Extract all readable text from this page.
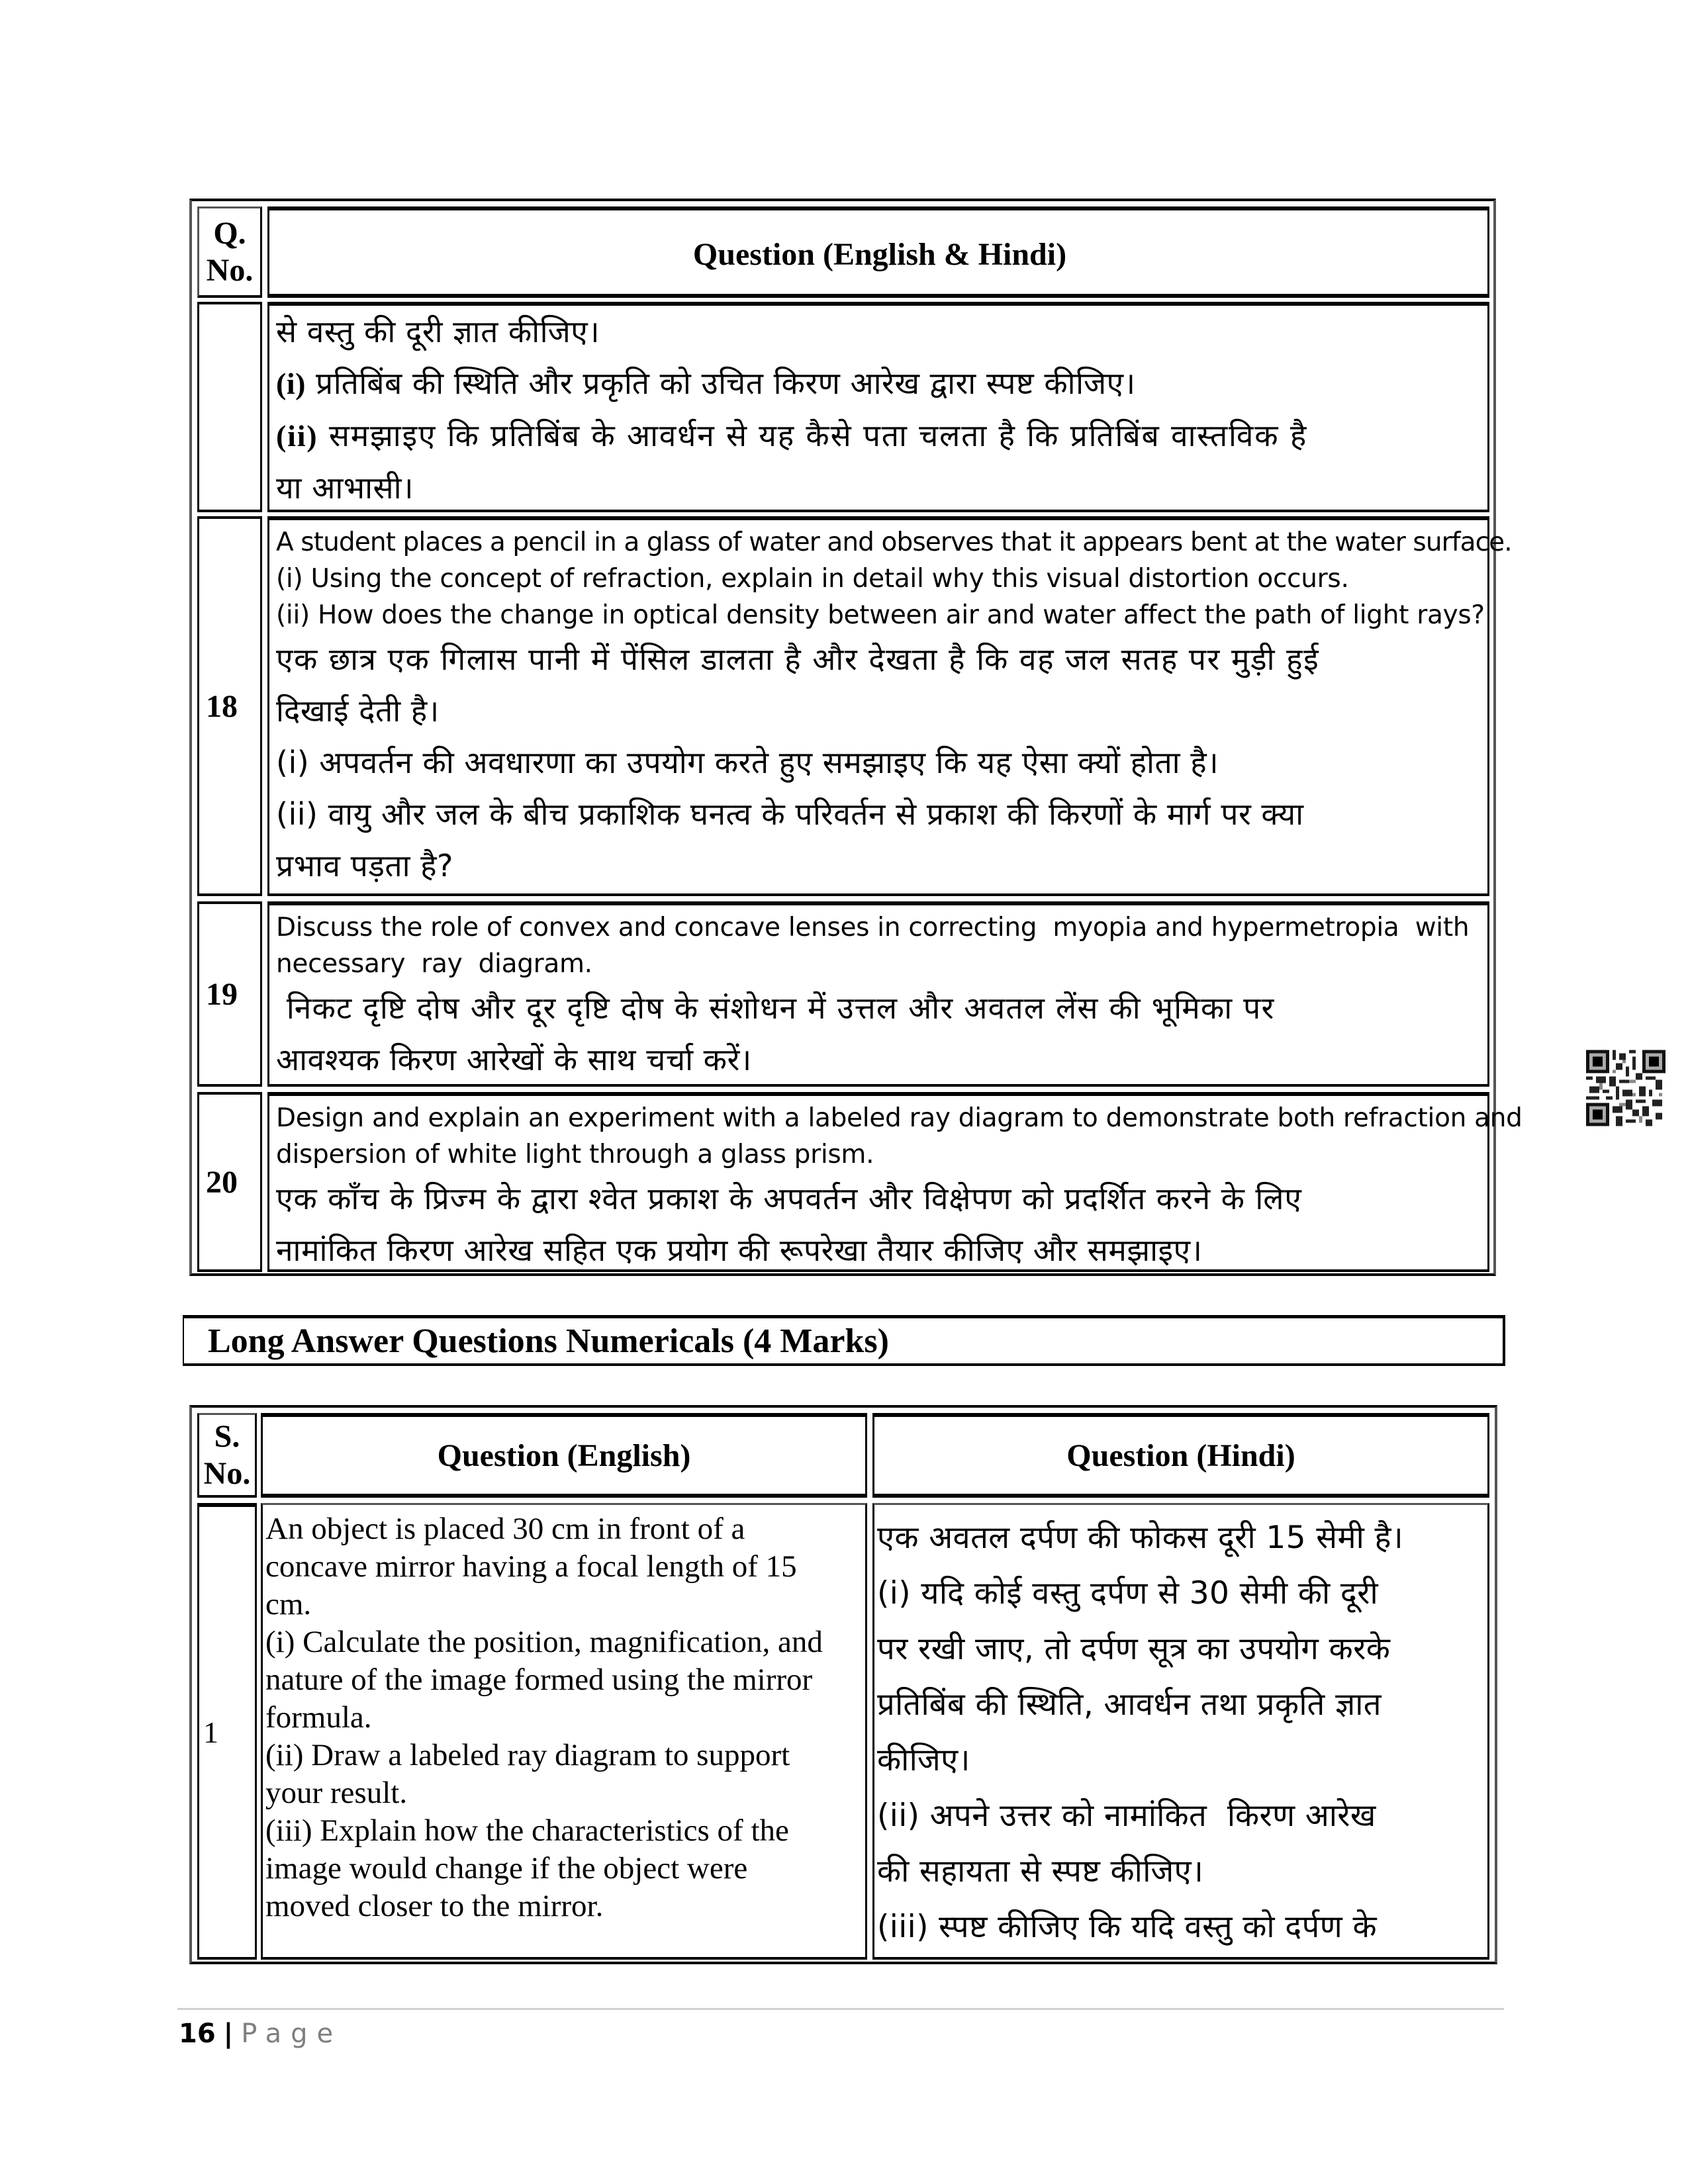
Q.
No.	Question (English & Hindi)
से वस्तु की दूरी ज्ञात कीजिए।
(i) प्रतिबिंब की स्थिति और प्रकृति को उचित किरण आरेख द्वारा स्पष्ट कीजिए।
(ii) समझाइए कि प्रतिबिंब के आवर्धन से यह कैसे पता चलता है कि प्रतिबिंब वास्तविक है
या आभासी।
18
A student places a pencil in a glass of water and observes that it appears bent at the water surface.
(i) Using the concept of refraction, explain in detail why this visual distortion occurs.
(ii) How does the change in optical density between air and water affect the path of light rays?
एक छात्र एक गिलास पानी में पेंसिल डालता है और देखता है कि वह जल सतह पर मुड़ी हुई
दिखाई देती है।
(i) अपवर्तन की अवधारणा का उपयोग करते हुए समझाइए कि यह ऐसा क्यों होता है।
(ii) वायु और जल के बीच प्रकाशिक घनत्व के परिवर्तन से प्रकाश की किरणों के मार्ग पर क्या
प्रभाव पड़ता है?
19
Discuss the role of convex and concave lenses in correcting  myopia and hypermetropia  with
necessary  ray  diagram.
निकट दृष्टि दोष और दूर दृष्टि दोष के संशोधन में उत्तल और अवतल लेंस की भूमिका पर
आवश्यक किरण आरेखों के साथ चर्चा करें।
20
Design and explain an experiment with a labeled ray diagram to demonstrate both refraction and
dispersion of white light through a glass prism.
एक काँच के प्रिज्म के द्वारा श्वेत प्रकाश के अपवर्तन और विक्षेपण को प्रदर्शित करने के लिए
नामांकित किरण आरेख सहित एक प्रयोग की रूपरेखा तैयार कीजिए और समझाइए।
Long Answer Questions Numericals (4 Marks)
S.
No.
Question (English)	Question (Hindi)
1
An object is placed 30 cm in front of a
concave mirror having a focal length of 15
cm.
(i) Calculate the position, magnification, and
nature of the image formed using the mirror
formula.
(ii) Draw a labeled ray diagram to support
your result.
(iii) Explain how the characteristics of the
image would change if the object were
moved closer to the mirror.
एक अवतल दर्पण की फोकस दूरी 15 सेमी है।
(i) यदि कोई वस्तु दर्पण से 30 सेमी की दूरी
पर रखी जाए, तो दर्पण सूत्र का उपयोग करके
प्रतिबिंब की स्थिति, आवर्धन तथा प्रकृति ज्ञात
कीजिए।
(ii) अपने उत्तर को नामांकित  किरण आरेख
की सहायता से स्पष्ट कीजिए।
(iii) स्पष्ट कीजिए कि यदि वस्तु को दर्पण के
16 | Page
